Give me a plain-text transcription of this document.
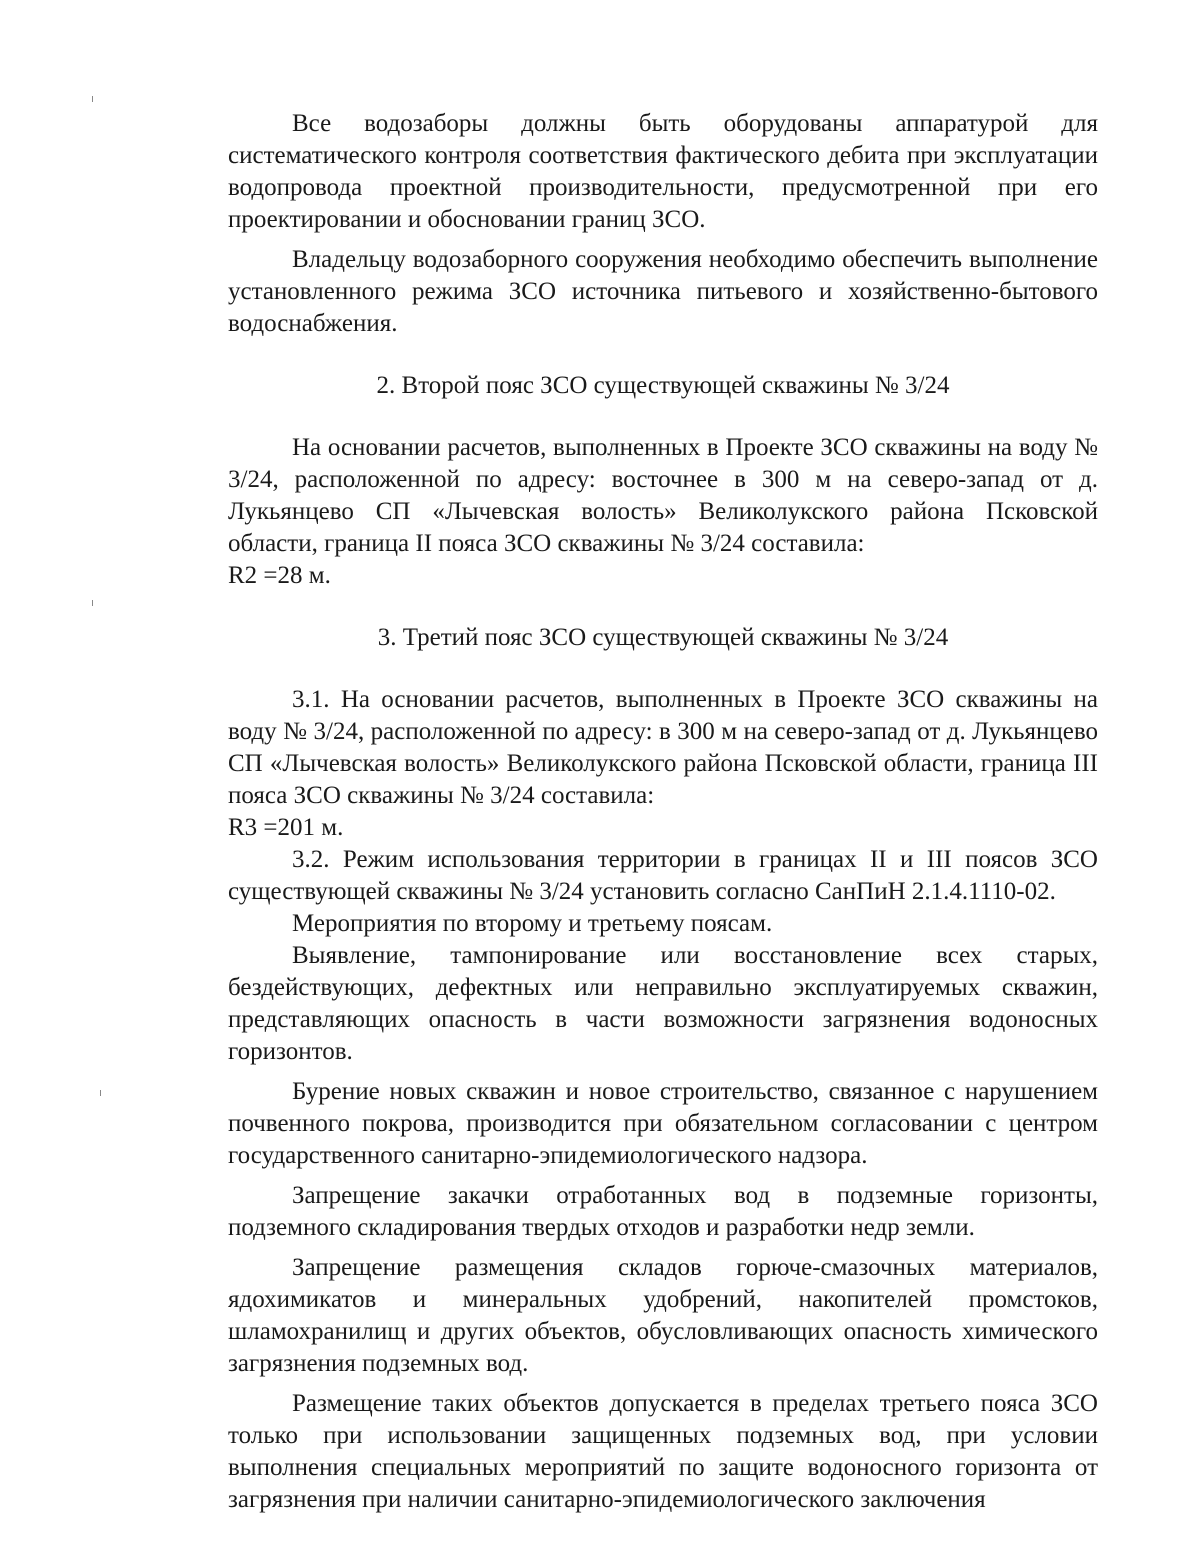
Все водозаборы должны быть оборудованы аппаратурой для систематического контроля соответствия фактического дебита при эксплуатации водопровода проектной производительности, предусмотренной при его проектировании и обосновании границ ЗСО.

Владельцу водозаборного сооружения необходимо обеспечить выполнение установленного режима ЗСО источника питьевого и хозяйственно-бытового водоснабжения.

2. Второй пояс ЗСО существующей скважины № 3/24

На основании расчетов, выполненных в Проекте ЗСО скважины на воду № 3/24, расположенной по адресу: восточнее в 300 м на северо-запад от д. Лукьянцево СП «Лычевская волость» Великолукского района Псковской области, граница II пояса ЗСО скважины № 3/24 составила:

R2 =28 м.

3. Третий пояс ЗСО существующей скважины № 3/24

3.1. На основании расчетов, выполненных в Проекте ЗСО скважины на воду № 3/24, расположенной по адресу: в 300 м на северо-запад от д. Лукьянцево СП «Лычевская волость» Великолукского района Псковской области, граница III пояса ЗСО скважины № 3/24 составила:

R3 =201 м.

3.2. Режим использования территории в границах II и III поясов ЗСО существующей скважины № 3/24 установить согласно СанПиН 2.1.4.1110-02.

Мероприятия по второму и третьему поясам.

Выявление, тампонирование или восстановление всех старых, бездействующих, дефектных или неправильно эксплуатируемых скважин, представляющих опасность в части возможности загрязнения водоносных горизонтов.

Бурение новых скважин и новое строительство, связанное с нарушением почвенного покрова, производится при обязательном согласовании с центром государственного санитарно-эпидемиологического надзора.

Запрещение закачки отработанных вод в подземные горизонты, подземного складирования твердых отходов и разработки недр земли.

Запрещение размещения складов горюче-смазочных материалов, ядохимикатов и минеральных удобрений, накопителей промстоков, шламохранилищ и других объектов, обусловливающих опасность химического загрязнения подземных вод.

Размещение таких объектов допускается в пределах третьего пояса ЗСО только при использовании защищенных подземных вод, при условии выполнения специальных мероприятий по защите водоносного горизонта от загрязнения при наличии санитарно-эпидемиологического заключения
